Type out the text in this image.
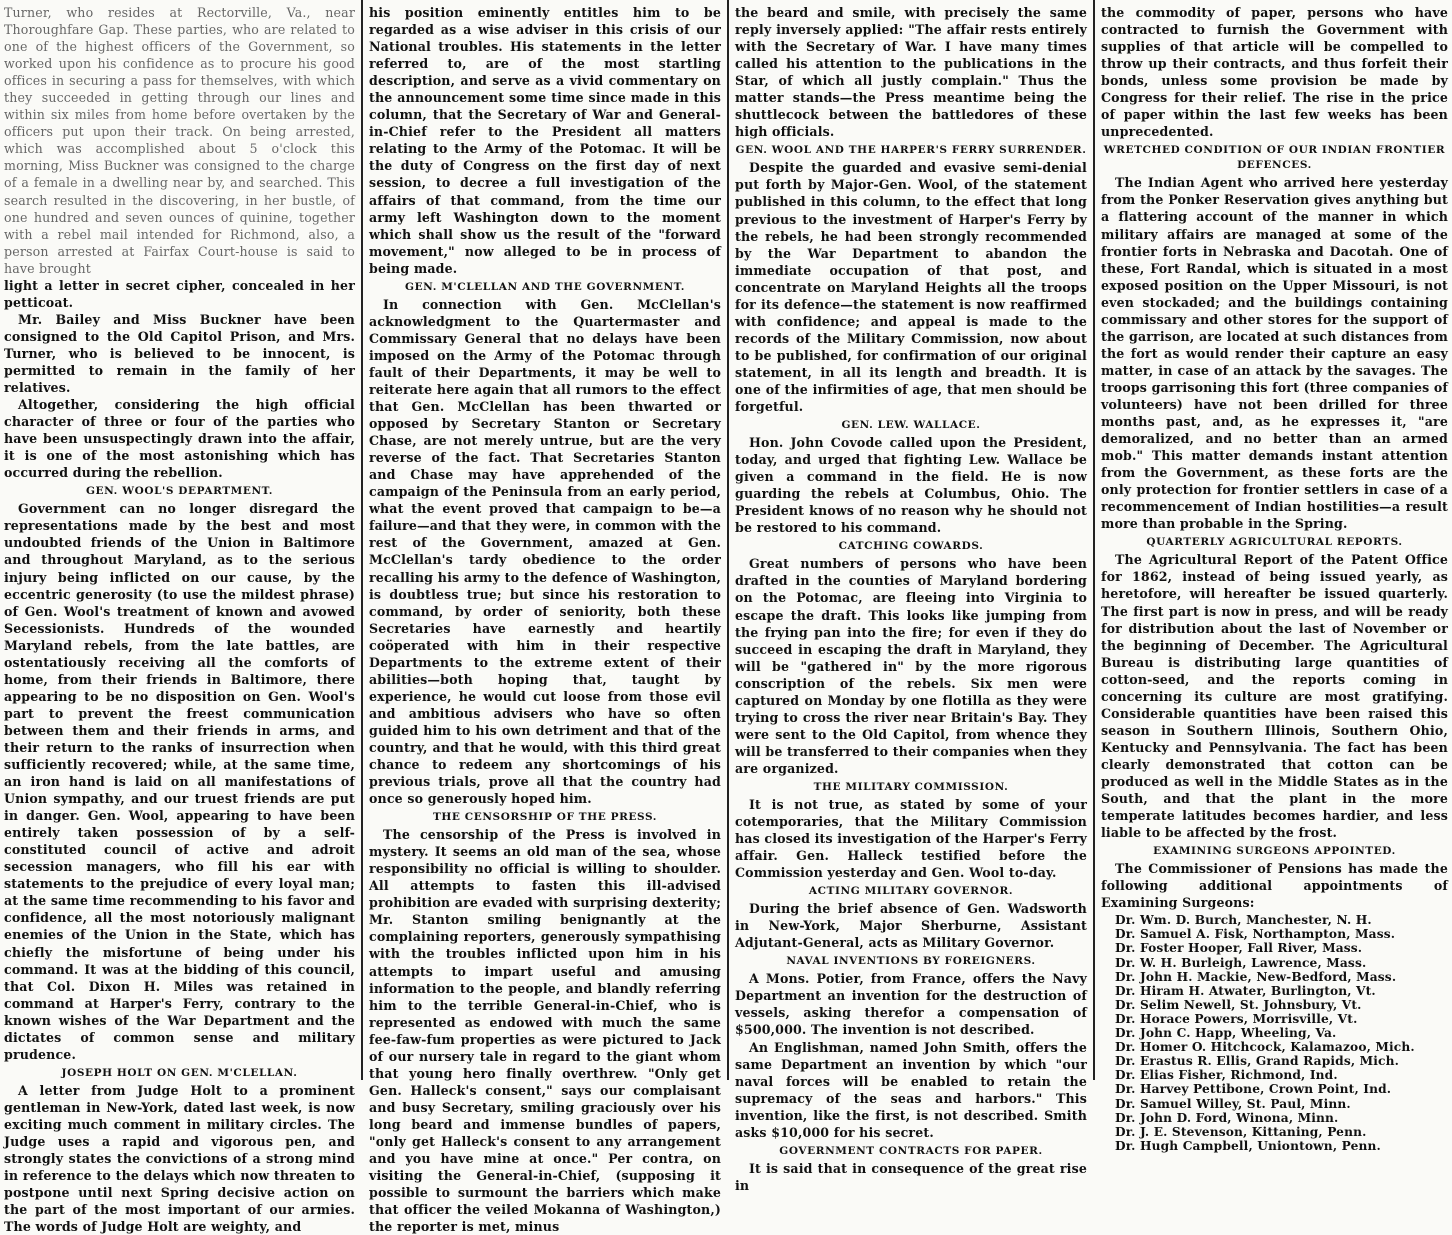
Turner, who resides at Rectorville, Va., near Thoroughfare Gap. These parties, who are related to one of the highest officers of the Government, so worked upon his confidence as to procure his good offices in securing a pass for themselves, with which they succeeded in getting through our lines and within six miles from home before overtaken by the officers put upon their track. On being arrested, which was accomplished about 5 o'clock this morning, Miss Buckner was consigned to the charge of a female in a dwelling near by, and searched. This search resulted in the discovering, in her bustle, of one hundred and seven ounces of quinine, together with a rebel mail intended for Richmond, also, a person arrested at Fairfax Court-house is said to have brought

light a letter in secret cipher, concealed in her petticoat.

Mr. Bailey and Miss Buckner have been consigned to the Old Capitol Prison, and Mrs. Turner, who is believed to be innocent, is permitted to remain in the family of her relatives.

Altogether, considering the high official character of three or four of the parties who have been unsuspectingly drawn into the affair, it is one of the most astonishing which has occurred during the rebellion.

GEN. WOOL'S DEPARTMENT.

Government can no longer disregard the representations made by the best and most undoubted friends of the Union in Baltimore and throughout Maryland, as to the serious injury being inflicted on our cause, by the eccentric generosity (to use the mildest phrase) of Gen. Wool's treatment of known and avowed Secessionists. Hundreds of the wounded Maryland rebels, from the late battles, are ostentatiously receiving all the comforts of home, from their friends in Baltimore, there appearing to be no disposition on Gen. Wool's part to prevent the freest communication between them and their friends in arms, and their return to the ranks of insurrection when sufficiently recovered; while, at the same time, an iron hand is laid on all manifestations of Union sympathy, and our truest friends are put in danger. Gen. Wool, appearing to have been entirely taken possession of by a self-constituted council of active and adroit secession managers, who fill his ear with statements to the prejudice of every loyal man; at the same time recommending to his favor and confidence, all the most notoriously malignant enemies of the Union in the State, which has chiefly the misfortune of being under his command. It was at the bidding of this council, that Col. Dixon H. Miles was retained in command at Harper's Ferry, contrary to the known wishes of the War Department and the dictates of common sense and military prudence.

JOSEPH HOLT ON GEN. M'CLELLAN.

A letter from Judge Holt to a prominent gentleman in New-York, dated last week, is now exciting much comment in military circles. The Judge uses a rapid and vigorous pen, and strongly states the convictions of a strong mind in reference to the delays which now threaten to postpone until next Spring decisive action on the part of the most important of our armies. The words of Judge Holt are weighty, and

his position eminently entitles him to be regarded as a wise adviser in this crisis of our National troubles. His statements in the letter referred to, are of the most startling description, and serve as a vivid commentary on the announcement some time since made in this column, that the Secretary of War and General-in-Chief refer to the President all matters relating to the Army of the Potomac. It will be the duty of Congress on the first day of next session, to decree a full investigation of the affairs of that command, from the time our army left Washington down to the moment which shall show us the result of the "forward movement," now alleged to be in process of being made.

GEN. M'CLELLAN AND THE GOVERNMENT.

In connection with Gen. McClellan's acknowledgment to the Quartermaster and Commissary General that no delays have been imposed on the Army of the Potomac through fault of their Departments, it may be well to reiterate here again that all rumors to the effect that Gen. McClellan has been thwarted or opposed by Secretary Stanton or Secretary Chase, are not merely untrue, but are the very reverse of the fact. That Secretaries Stanton and Chase may have apprehended of the campaign of the Peninsula from an early period, what the event proved that campaign to be—a failure—and that they were, in common with the rest of the Government, amazed at Gen. McClellan's tardy obedience to the order recalling his army to the defence of Washington, is doubtless true; but since his restoration to command, by order of seniority, both these Secretaries have earnestly and heartily coöperated with him in their respective Departments to the extreme extent of their abilities—both hoping that, taught by experience, he would cut loose from those evil and ambitious advisers who have so often guided him to his own detriment and that of the country, and that he would, with this third great chance to redeem any shortcomings of his previous trials, prove all that the country had once so generously hoped him.

THE CENSORSHIP OF THE PRESS.

The censorship of the Press is involved in mystery. It seems an old man of the sea, whose responsibility no official is willing to shoulder. All attempts to fasten this ill-advised prohibition are evaded with surprising dexterity; Mr. Stanton smiling benignantly at the complaining reporters, generously sympathising with the troubles inflicted upon him in his attempts to impart useful and amusing information to the people, and blandly referring him to the terrible General-in-Chief, who is represented as endowed with much the same fee-faw-fum properties as were pictured to Jack of our nursery tale in regard to the giant whom that young hero finally overthrew. "Only get Gen. Halleck's consent," says our complaisant and busy Secretary, smiling graciously over his long beard and immense bundles of papers, "only get Halleck's consent to any arrangement and you have mine at once." Per contra, on visiting the General-in-Chief, (supposing it possible to surmount the barriers which make that officer the veiled Mokanna of Washington,) the reporter is met, minus

the beard and smile, with precisely the same reply inversely applied: "The affair rests entirely with the Secretary of War. I have many times called his attention to the publications in the Star, of which all justly complain." Thus the matter stands—the Press meantime being the shuttlecock between the battledores of these high officials.

GEN. WOOL AND THE HARPER'S FERRY SURRENDER.

Despite the guarded and evasive semi-denial put forth by Major-Gen. Wool, of the statement published in this column, to the effect that long previous to the investment of Harper's Ferry by the rebels, he had been strongly recommended by the War Department to abandon the immediate occupation of that post, and concentrate on Maryland Heights all the troops for its defence—the statement is now reaffirmed with confidence; and appeal is made to the records of the Military Commission, now about to be published, for confirmation of our original statement, in all its length and breadth. It is one of the infirmities of age, that men should be forgetful.

GEN. LEW. WALLACE.

Hon. John Covode called upon the President, today, and urged that fighting Lew. Wallace be given a command in the field. He is now guarding the rebels at Columbus, Ohio. The President knows of no reason why he should not be restored to his command.

CATCHING COWARDS.

Great numbers of persons who have been drafted in the counties of Maryland bordering on the Potomac, are fleeing into Virginia to escape the draft. This looks like jumping from the frying pan into the fire; for even if they do succeed in escaping the draft in Maryland, they will be "gathered in" by the more rigorous conscription of the rebels. Six men were captured on Monday by one flotilla as they were trying to cross the river near Britain's Bay. They were sent to the Old Capitol, from whence they will be transferred to their companies when they are organized.

THE MILITARY COMMISSION.

It is not true, as stated by some of your cotemporaries, that the Military Commission has closed its investigation of the Harper's Ferry affair. Gen. Halleck testified before the Commission yesterday and Gen. Wool to-day.

ACTING MILITARY GOVERNOR.

During the brief absence of Gen. Wadsworth in New-York, Major Sherburne, Assistant Adjutant-General, acts as Military Governor.

NAVAL INVENTIONS BY FOREIGNERS.

A Mons. Potier, from France, offers the Navy Department an invention for the destruction of vessels, asking therefor a compensation of $500,000. The invention is not described.

An Englishman, named John Smith, offers the same Department an invention by which "our naval forces will be enabled to retain the supremacy of the seas and harbors." This invention, like the first, is not described. Smith asks $10,000 for his secret.

GOVERNMENT CONTRACTS FOR PAPER.

It is said that in consequence of the great rise in

the commodity of paper, persons who have contracted to furnish the Government with supplies of that article will be compelled to throw up their contracts, and thus forfeit their bonds, unless some provision be made by Congress for their relief. The rise in the price of paper within the last few weeks has been unprecedented.

WRETCHED CONDITION OF OUR INDIAN FRONTIER DEFENCES.

The Indian Agent who arrived here yesterday from the Ponker Reservation gives anything but a flattering account of the manner in which military affairs are managed at some of the frontier forts in Nebraska and Dacotah. One of these, Fort Randal, which is situated in a most exposed position on the Upper Missouri, is not even stockaded; and the buildings containing commissary and other stores for the support of the garrison, are located at such distances from the fort as would render their capture an easy matter, in case of an attack by the savages. The troops garrisoning this fort (three companies of volunteers) have not been drilled for three months past, and, as he expresses it, "are demoralized, and no better than an armed mob." This matter demands instant attention from the Government, as these forts are the only protection for frontier settlers in case of a recommencement of Indian hostilities—a result more than probable in the Spring.

QUARTERLY AGRICULTURAL REPORTS.

The Agricultural Report of the Patent Office for 1862, instead of being issued yearly, as heretofore, will hereafter be issued quarterly. The first part is now in press, and will be ready for distribution about the last of November or the beginning of December. The Agricultural Bureau is distributing large quantities of cotton-seed, and the reports coming in concerning its culture are most gratifying. Considerable quantities have been raised this season in Southern Illinois, Southern Ohio, Kentucky and Pennsylvania. The fact has been clearly demonstrated that cotton can be produced as well in the Middle States as in the South, and that the plant in the more temperate latitudes becomes hardier, and less liable to be affected by the frost.

EXAMINING SURGEONS APPOINTED.

The Commissioner of Pensions has made the following additional appointments of Examining Surgeons:

Dr. Wm. D. Burch, Manchester, N. H.
Dr. Samuel A. Fisk, Northampton, Mass.
Dr. Foster Hooper, Fall River, Mass.
Dr. W. H. Burleigh, Lawrence, Mass.
Dr. John H. Mackie, New-Bedford, Mass.
Dr. Hiram H. Atwater, Burlington, Vt.
Dr. Selim Newell, St. Johnsbury, Vt.
Dr. Horace Powers, Morrisville, Vt.
Dr. John C. Happ, Wheeling, Va.
Dr. Homer O. Hitchcock, Kalamazoo, Mich.
Dr. Erastus R. Ellis, Grand Rapids, Mich.
Dr. Elias Fisher, Richmond, Ind.
Dr. Harvey Pettibone, Crown Point, Ind.
Dr. Samuel Willey, St. Paul, Minn.
Dr. John D. Ford, Winona, Minn.
Dr. J. E. Stevenson, Kittaning, Penn.
Dr. Hugh Campbell, Uniontown, Penn.
